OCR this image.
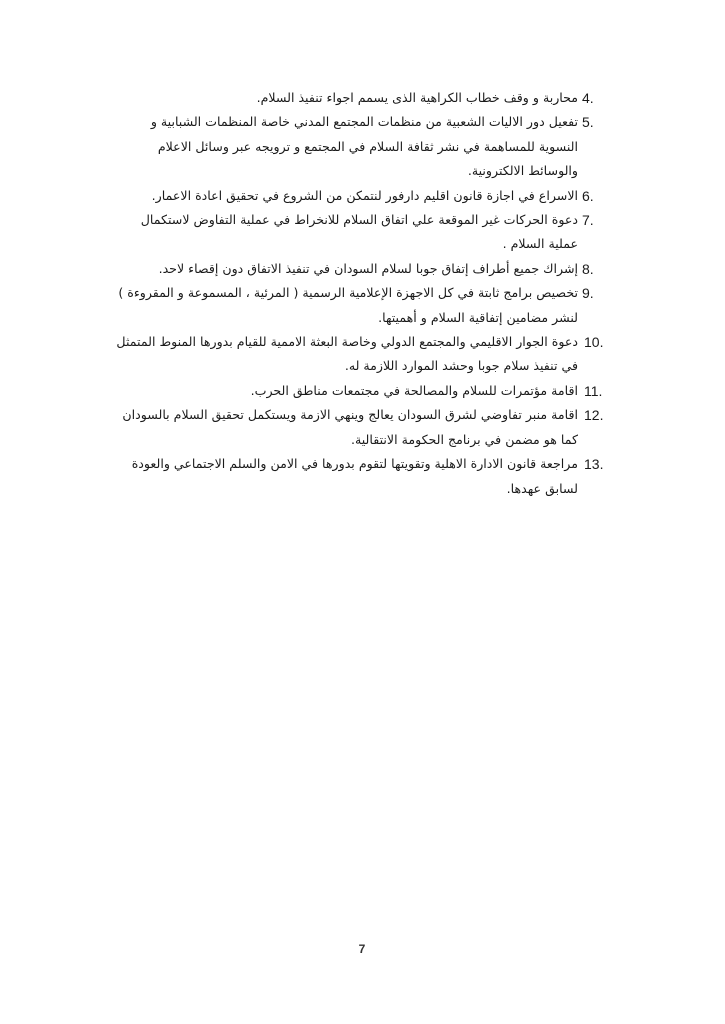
4.
محاربة و وقف خطاب الكراهية الذى يسمم اجواء تنفيذ السلام.
5.
تفعيل دور الاليات الشعبية من منظمات المجتمع المدني خاصة المنظمات الشبابية و النسوية للمساهمة في نشر ثقافة السلام في المجتمع و ترويجه عبر وسائل الاعلام والوسائط الالكترونية.
6.
الاسراع في اجازة قانون اقليم دارفور لنتمكن من الشروع في تحقيق اعادة الاعمار.
7.
دعوة الحركات غير الموقعة علي اتفاق السلام للانخراط في عملية التفاوض لاستكمال عملية السلام .
8.
إشراك جميع أطراف إتفاق جوبا لسلام السودان في تنفيذ الاتفاق دون إقصاء لاحد.
9.
تخصيص برامج ثابتة في كل الاجهزة الإعلامية الرسمية ( المرئية ، المسموعة و المقروءة ) لنشر مضامين إتفاقية السلام و أهميتها.
10.
دعوة الجوار الاقليمي والمجتمع الدولي وخاصة البعثة الاممية للقيام بدورها المنوط المتمثل في تنفيذ سلام جوبا وحشد الموارد اللازمة له.
11.
اقامة مؤتمرات للسلام والمصالحة في مجتمعات مناطق الحرب.
12.
اقامة منبر تفاوضي لشرق السودان يعالج وينهي الازمة ويستكمل تحقيق السلام بالسودان كما هو مضمن في برنامج الحكومة الانتقالية.
13.
مراجعة قانون الادارة الاهلية وتقويتها لتقوم بدورها في الامن والسلم الاجتماعي والعودة لسابق عهدها.
7
